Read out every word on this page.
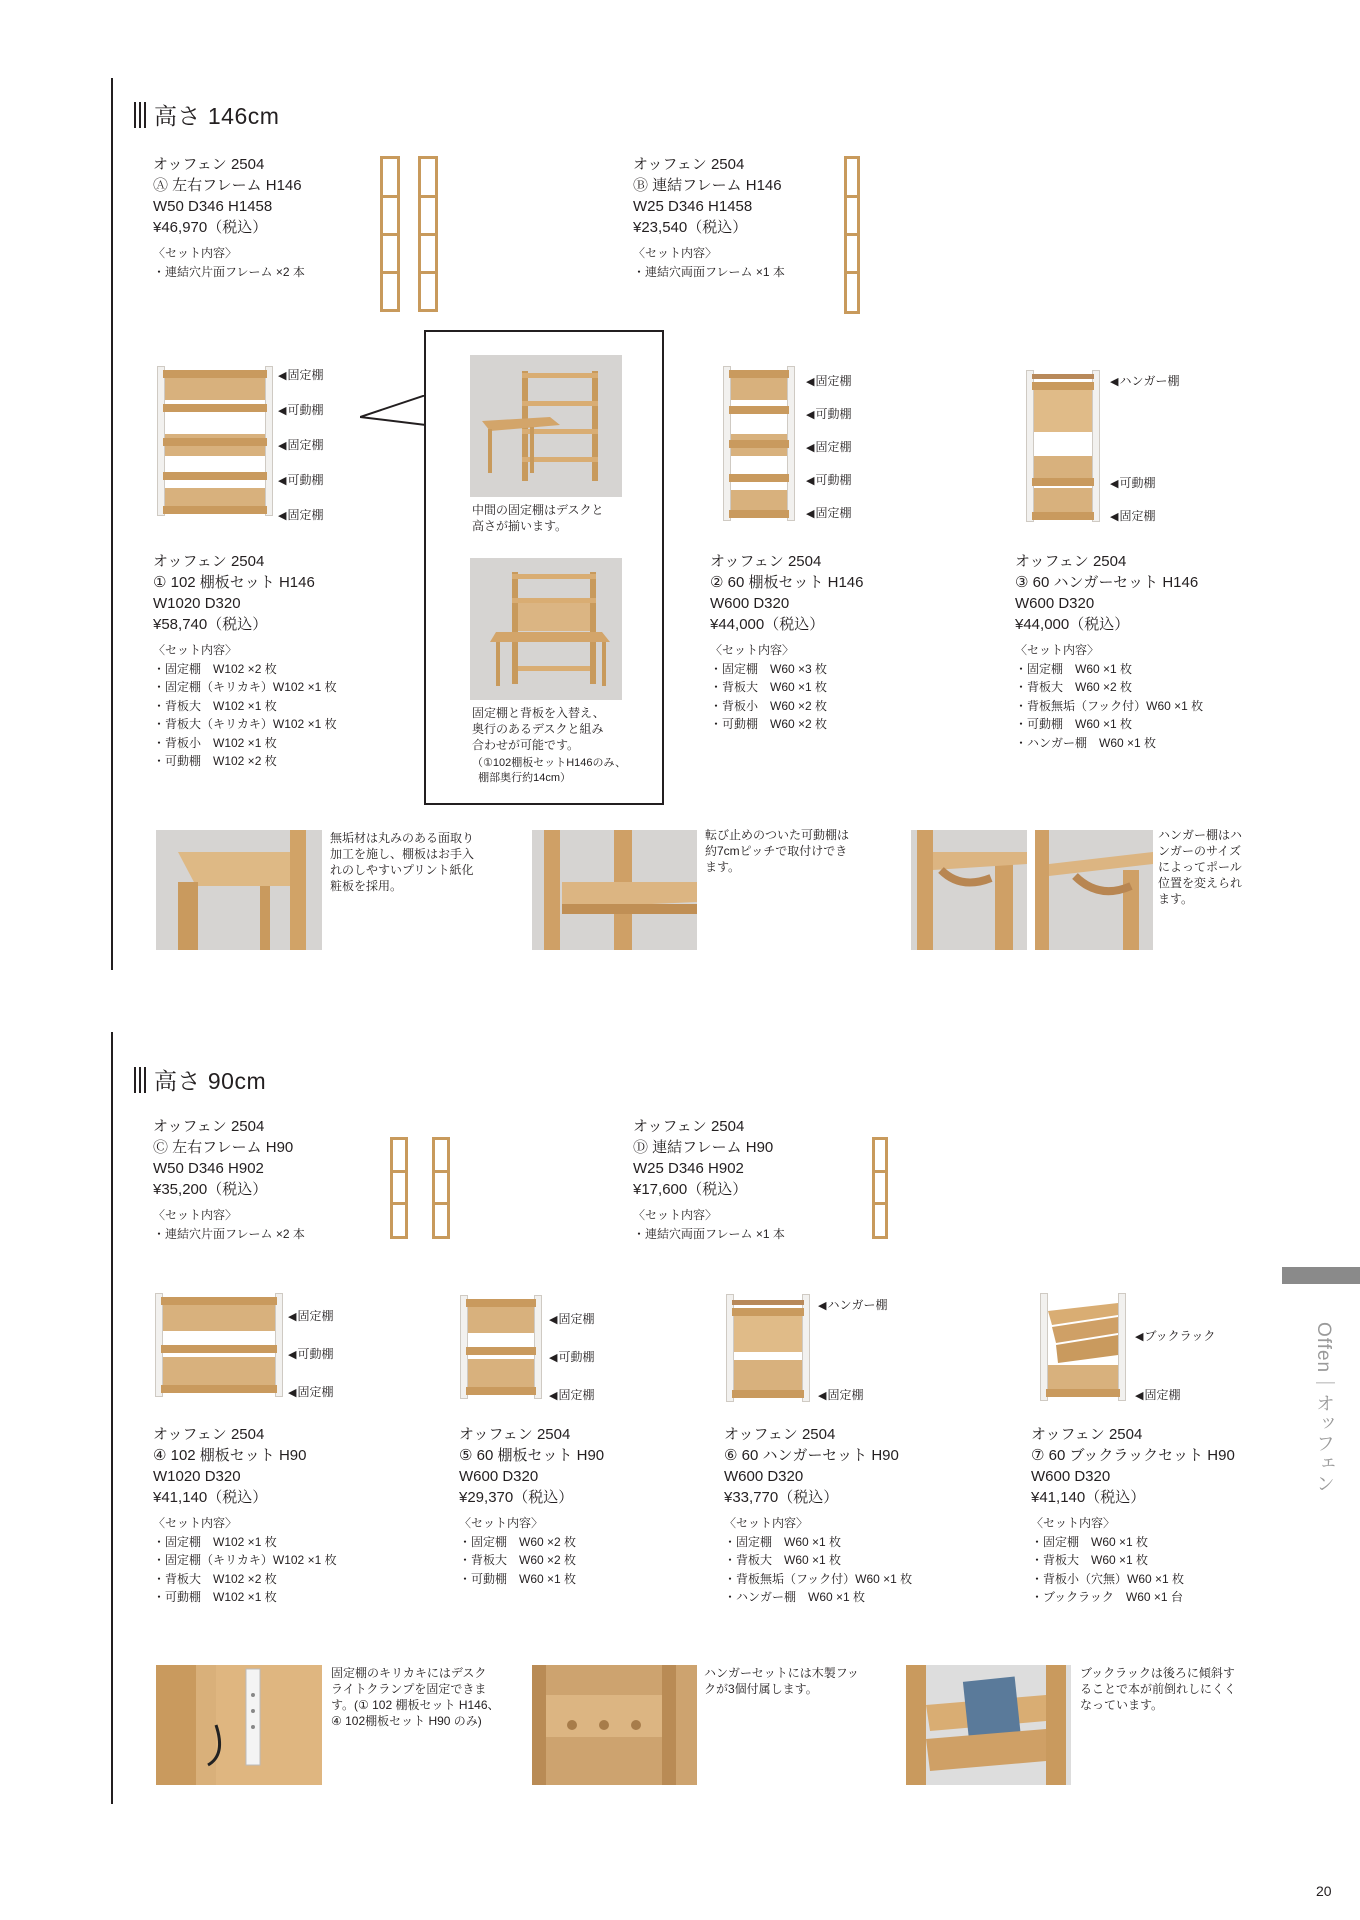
高さ 146cm
オッフェン 2504
Ⓐ 左右フレーム H146
W50 D346 H1458
¥46,970（税込）
〈セット内容〉
・連結穴片面フレーム ×2 本
オッフェン 2504
Ⓑ 連結フレーム H146
W25 D346 H1458
¥23,540（税込）
〈セット内容〉
・連結穴両面フレーム ×1 本
◀ 固定棚
◀ 可動棚
◀ 固定棚
◀ 可動棚
◀ 固定棚
オッフェン 2504
① 102 棚板セット H146
W1020 D320
¥58,740（税込）
〈セット内容〉
・固定棚　W102 ×2 枚
・固定棚（キリカキ）W102 ×1 枚
・背板大　W102 ×1 枚
・背板大（キリカキ）W102 ×1 枚
・背板小　W102 ×1 枚
・可動棚　W102 ×2 枚
中間の固定棚はデスクと
高さが揃います。
固定棚と背板を入替え、
奥行のあるデスクと組み
合わせが可能です。
（①102棚板セットH146のみ、
棚部奥行約14cm）
◀ 固定棚
◀ 可動棚
◀ 固定棚
◀ 可動棚
◀ 固定棚
オッフェン 2504
② 60 棚板セット H146
W600 D320
¥44,000（税込）
〈セット内容〉
・固定棚　W60 ×3 枚
・背板大　W60 ×1 枚
・背板小　W60 ×2 枚
・可動棚　W60 ×2 枚
◀ ハンガー棚
◀ 可動棚
◀ 固定棚
オッフェン 2504
③ 60 ハンガーセット H146
W600 D320
¥44,000（税込）
〈セット内容〉
・固定棚　W60 ×1 枚
・背板大　W60 ×2 枚
・背板無垢（フック付）W60 ×1 枚
・可動棚　W60 ×1 枚
・ハンガー棚　W60 ×1 枚
無垢材は丸みのある面取り
加工を施し、棚板はお手入
れのしやすいプリント紙化
粧板を採用。
転び止めのついた可動棚は
約7cmピッチで取付けでき
ます。
ハンガー棚はハ
ンガーのサイズ
によってポール
位置を変えられ
ます。
高さ 90cm
オッフェン 2504
Ⓒ 左右フレーム H90
W50 D346 H902
¥35,200（税込）
〈セット内容〉
・連結穴片面フレーム ×2 本
オッフェン 2504
Ⓓ 連結フレーム H90
W25 D346 H902
¥17,600（税込）
〈セット内容〉
・連結穴両面フレーム ×1 本
◀ 固定棚
◀ 可動棚
◀ 固定棚
オッフェン 2504
④ 102 棚板セット H90
W1020 D320
¥41,140（税込）
〈セット内容〉
・固定棚　W102 ×1 枚
・固定棚（キリカキ）W102 ×1 枚
・背板大　W102 ×2 枚
・可動棚　W102 ×1 枚
◀ 固定棚
◀ 可動棚
◀ 固定棚
オッフェン 2504
⑤ 60 棚板セット H90
W600 D320
¥29,370（税込）
〈セット内容〉
・固定棚　W60 ×2 枚
・背板大　W60 ×2 枚
・可動棚　W60 ×1 枚
◀ ハンガー棚
◀ 固定棚
オッフェン 2504
⑥ 60 ハンガーセット H90
W600 D320
¥33,770（税込）
〈セット内容〉
・固定棚　W60 ×1 枚
・背板大　W60 ×1 枚
・背板無垢（フック付）W60 ×1 枚
・ハンガー棚　W60 ×1 枚
◀ ブックラック
◀ 固定棚
オッフェン 2504
⑦ 60 ブックラックセット H90
W600 D320
¥41,140（税込）
〈セット内容〉
・固定棚　W60 ×1 枚
・背板大　W60 ×1 枚
・背板小（穴無）W60 ×1 枚
・ブックラック　W60 ×1 台
固定棚のキリカキにはデスク
ライトクランプを固定できま
す。(① 102 棚板セット H146、
④ 102棚板セット H90 のみ)
ハンガーセットには木製フッ
クが3個付属します。
ブックラックは後ろに傾斜す
ることで本が前倒れしにくく
なっています。
Offen｜オッフェン
20
